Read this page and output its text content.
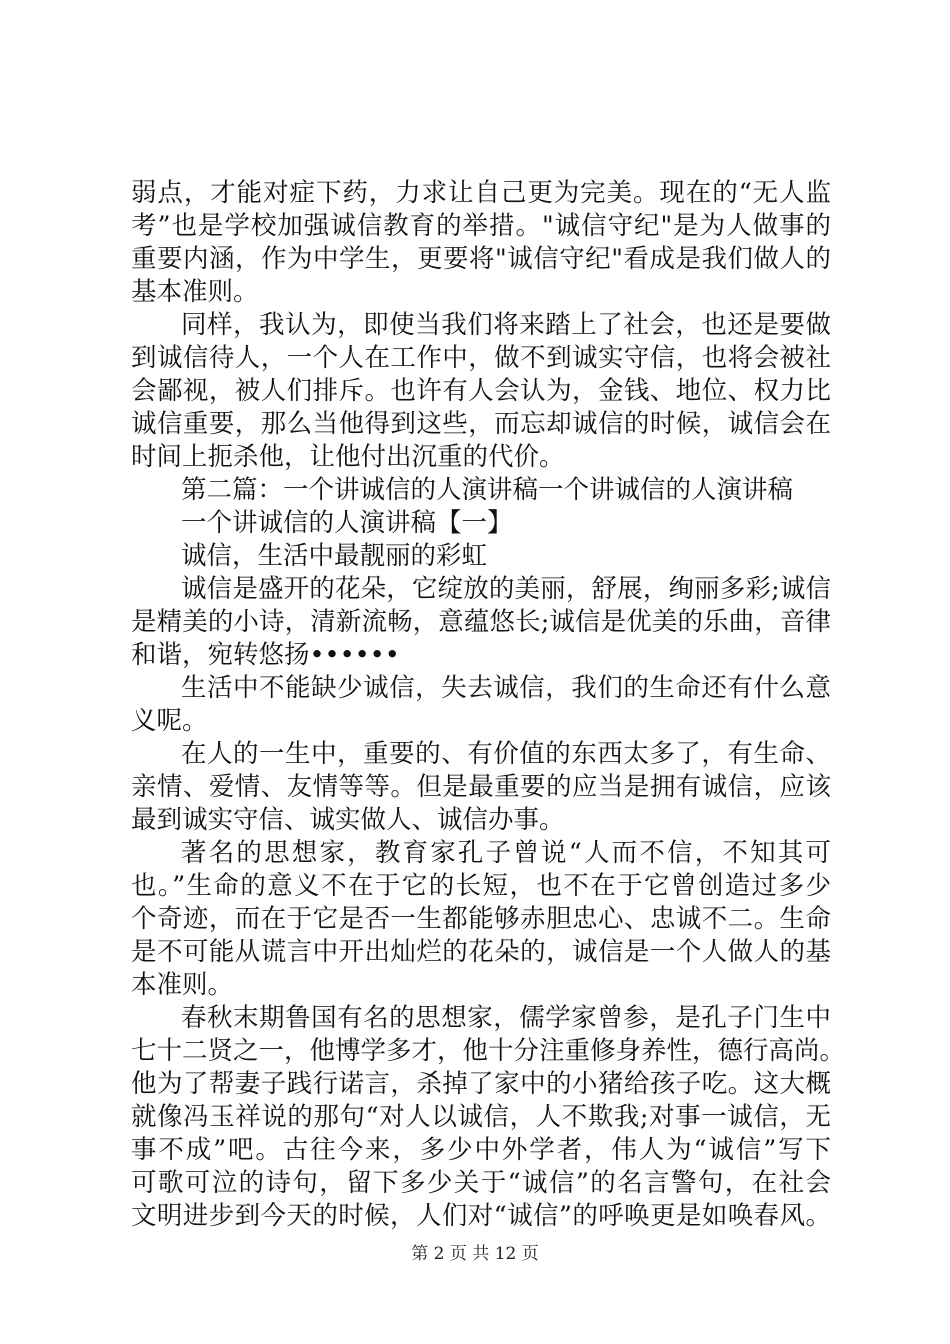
弱点，才能对症下药，力求让自己更为完美。现在的“无人监
考”也是学校加强诚信教育的举措。"诚信守纪"是为人做事的
重要内涵，作为中学生，更要将"诚信守纪"看成是我们做人的
基本准则。
同样，我认为，即使当我们将来踏上了社会，也还是要做
到诚信待人，一个人在工作中，做不到诚实守信，也将会被社
会鄙视，被人们排斥。也许有人会认为，金钱、地位、权力比
诚信重要，那么当他得到这些，而忘却诚信的时候，诚信会在
时间上扼杀他，让他付出沉重的代价。
第二篇：一个讲诚信的人演讲稿一个讲诚信的人演讲稿
一个讲诚信的人演讲稿【一】
诚信，生活中最靓丽的彩虹
诚信是盛开的花朵，它绽放的美丽，舒展，绚丽多彩;诚信
是精美的小诗，清新流畅，意蕴悠长;诚信是优美的乐曲，音律
和谐，宛转悠扬••••••
生活中不能缺少诚信，失去诚信，我们的生命还有什么意
义呢。
在人的一生中，重要的、有价值的东西太多了，有生命、
亲情、爱情、友情等等。但是最重要的应当是拥有诚信，应该
最到诚实守信、诚实做人、诚信办事。
著名的思想家，教育家孔子曾说“人而不信，不知其可
也。”生命的意义不在于它的长短，也不在于它曾创造过多少
个奇迹，而在于它是否一生都能够赤胆忠心、忠诚不二。生命
是不可能从谎言中开出灿烂的花朵的，诚信是一个人做人的基
本准则。
春秋末期鲁国有名的思想家，儒学家曾参，是孔子门生中
七十二贤之一，他博学多才，他十分注重修身养性，德行高尚。
他为了帮妻子践行诺言，杀掉了家中的小猪给孩子吃。这大概
就像冯玉祥说的那句“对人以诚信，人不欺我;对事一诚信，无
事不成”吧。古往今来，多少中外学者，伟人为“诚信”写下
可歌可泣的诗句，留下多少关于“诚信”的名言警句，在社会
文明进步到今天的时候，人们对“诚信”的呼唤更是如唤春风。
第 2 页 共 12 页
